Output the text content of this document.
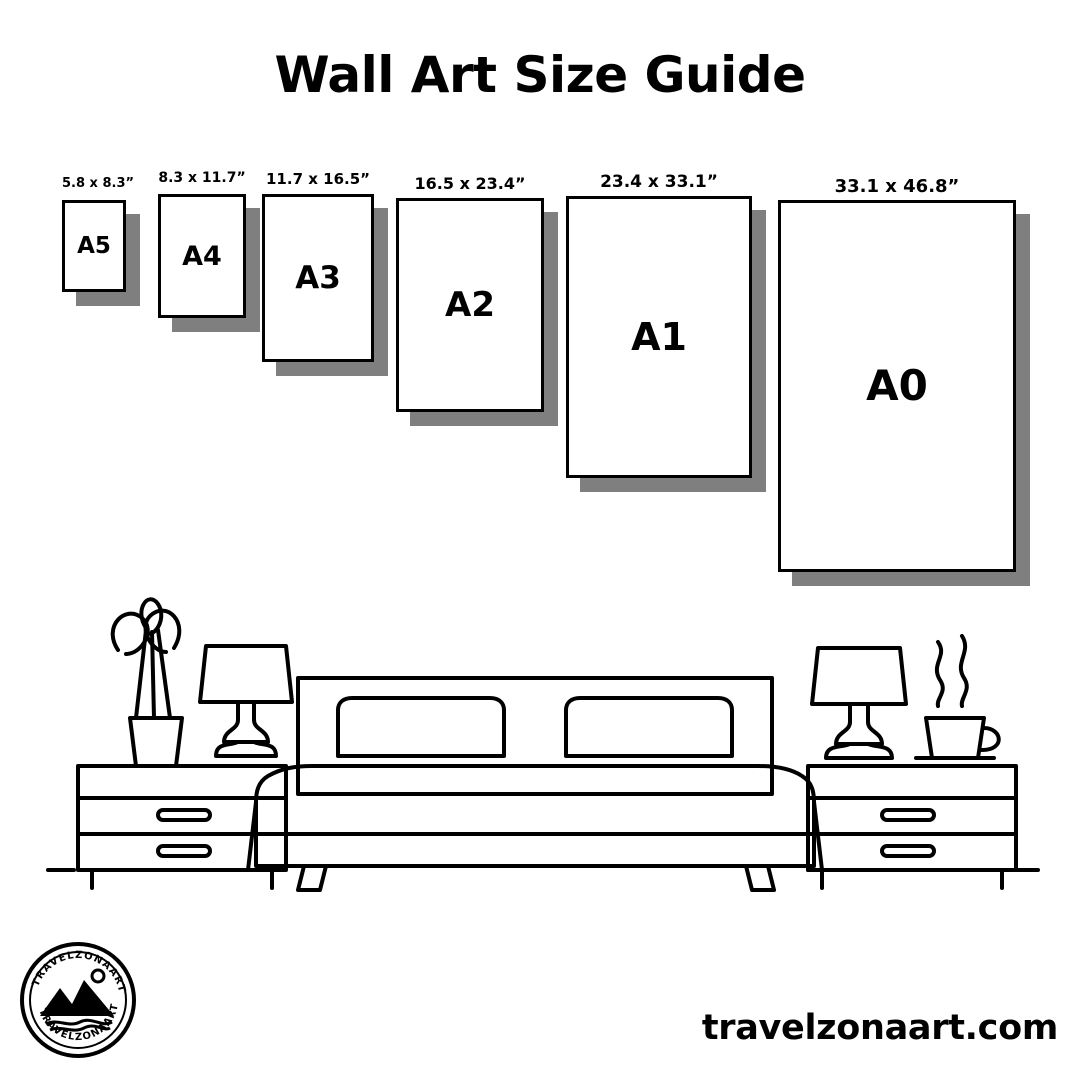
Wall Art Size Guide
5.8 x 8.3”
A5
8.3 x 11.7”
A4
11.7 x 16.5”
A3
16.5 x 23.4”
A2
23.4 x 33.1”
A1
33.1 x 46.8”
A0
TRAVELZONAART
TRAVELZONAART
travelzonaart.com
